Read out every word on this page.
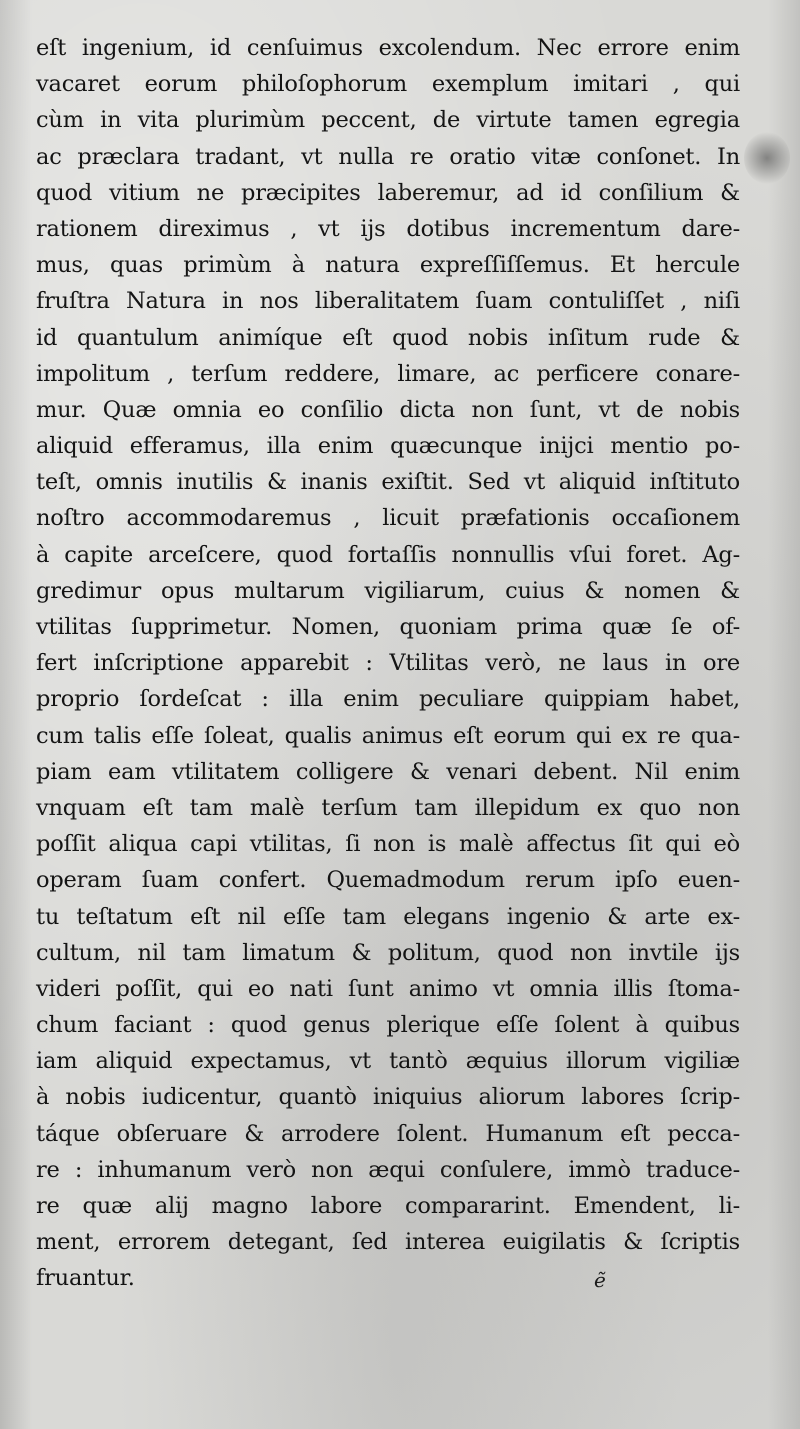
eſt ingenium, id cenſuimus excolendum. Nec errore enim
vacaret eorum philoſophorum exemplum imitari , qui
cùm in vita plurimùm peccent, de virtute tamen egregia
ac præclara tradant, vt nulla re oratio vitæ conſonet. In
quod vitium ne præcipites laberemur, ad id conſilium &
rationem direximus , vt ijs dotibus incrementum dare-
mus, quas primùm à natura expreſſiſſemus. Et hercule
fruſtra Natura in nos liberalitatem ſuam contuliſſet , niſi
id quantulum animíque eſt quod nobis inſitum rude &
impolitum , terſum reddere, limare, ac perficere conare-
mur. Quæ omnia eo conſilio dicta non ſunt, vt de nobis
aliquid efferamus, illa enim quæcunque inijci mentio po-
teſt, omnis inutilis & inanis exiſtit. Sed vt aliquid inſtituto
noſtro accommodaremus , licuit præfationis occaſionem
à capite arceſcere, quod fortaſſis nonnullis vſui foret. Ag-
gredimur opus multarum vigiliarum, cuius & nomen &
vtilitas ſupprimetur. Nomen, quoniam prima quæ ſe of-
fert inſcriptione apparebit : Vtilitas verò, ne laus in ore
proprio ſordeſcat : illa enim peculiare quippiam habet,
cum talis eſſe ſoleat, qualis animus eſt eorum qui ex re qua-
piam eam vtilitatem colligere & venari debent. Nil enim
vnquam eſt tam malè terſum tam illepidum ex quo non
poſſit aliqua capi vtilitas, ſi non is malè affectus ſit qui eò
operam ſuam confert. Quemadmodum rerum ipſo euen-
tu teſtatum eſt nil eſſe tam elegans ingenio & arte ex-
cultum, nil tam limatum & politum, quod non invtile ijs
videri poſſit, qui eo nati ſunt animo vt omnia illis ſtoma-
chum faciant : quod genus plerique eſſe ſolent à quibus
iam aliquid expectamus, vt tantò æquius illorum vigiliæ
à nobis iudicentur, quantò iniquius aliorum labores ſcrip-
táque obſeruare & arrodere ſolent. Humanum eſt pecca-
re : inhumanum verò non æqui conſulere, immò traduce-
re quæ alij magno labore compararint. Emendent, li-
ment, errorem detegant, ſed interea euigilatis & ſcriptis
fruantur.	ẽ
